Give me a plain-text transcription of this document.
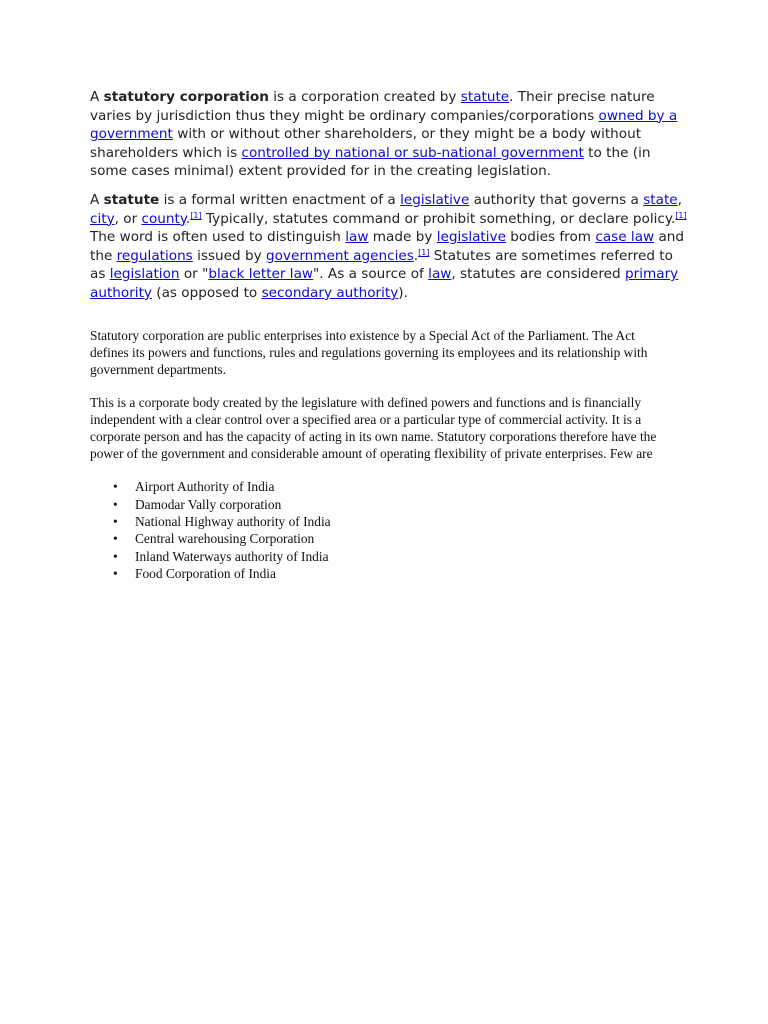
A statutory corporation is a corporation created by statute. Their precise nature varies by jurisdiction thus they might be ordinary companies/corporations owned by a government with or without other shareholders, or they might be a body without shareholders which is controlled by national or sub-national government to the (in some cases minimal) extent provided for in the creating legislation.

A statute is a formal written enactment of a legislative authority that governs a state, city, or county.[1] Typically, statutes command or prohibit something, or declare policy.[1] The word is often used to distinguish law made by legislative bodies from case law and the regulations issued by government agencies.[1] Statutes are sometimes referred to as legislation or "black letter law". As a source of law, statutes are considered primary authority (as opposed to secondary authority).

Statutory corporation are public enterprises into existence by a Special Act of the Parliament. The Act defines its powers and functions, rules and regulations governing its employees and its relationship with government departments.

This is a corporate body created by the legislature with defined powers and functions and is financially independent with a clear control over a specified area or a particular type of commercial activity. It is a corporate person and has the capacity of acting in its own name. Statutory corporations therefore have the power of the government and considerable amount of operating flexibility of private enterprises. Few are

• Airport Authority of India
• Damodar Vally corporation
• National Highway authority of India
• Central warehousing Corporation
• Inland Waterways authority of India
• Food Corporation of India
